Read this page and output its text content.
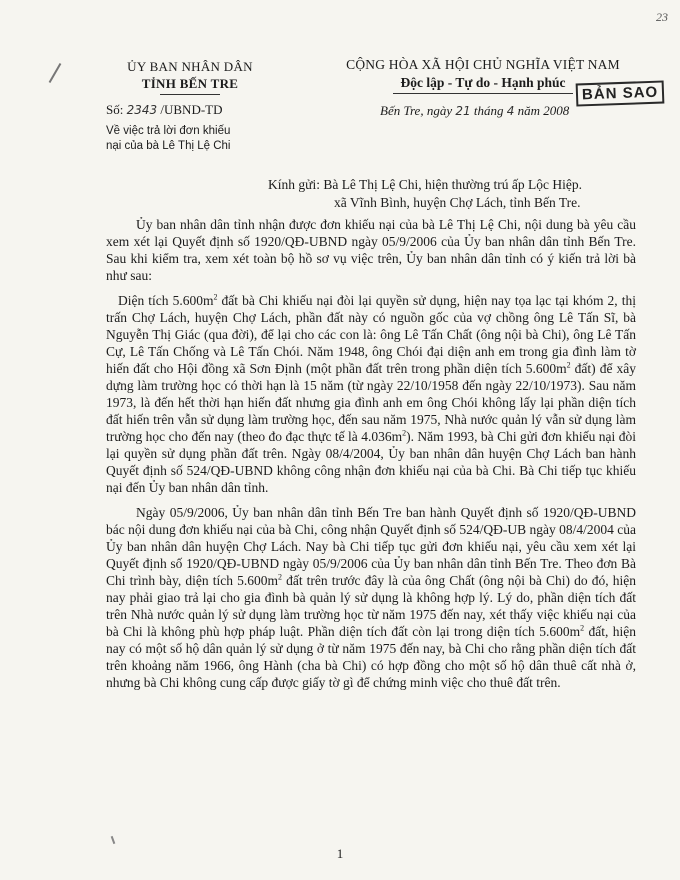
23
ỦY BAN NHÂN DÂN
TỈNH BẾN TRE
Số: 2343 /UBND-TD
Về việc trả lời đơn khiếu
nại của bà Lê Thị Lệ Chi
CỘNG HÒA XÃ HỘI CHỦ NGHĨA VIỆT NAM
Độc lập - Tự do - Hạnh phúc
BẢN SAO
Bến Tre, ngày 21 tháng 4 năm 2008
Kính gửi: Bà Lê Thị Lệ Chi, hiện thường trú ấp Lộc Hiệp.
xã Vĩnh Bình, huyện Chợ Lách, tỉnh Bến Tre.

Ủy ban nhân dân tỉnh nhận được đơn khiếu nại của bà Lê Thị Lệ Chi, nội dung bà yêu cầu xem xét lại Quyết định số 1920/QĐ-UBND ngày 05/9/2006 của Ủy ban nhân dân tỉnh Bến Tre. Sau khi kiểm tra, xem xét toàn bộ hồ sơ vụ việc trên, Ủy ban nhân dân tỉnh có ý kiến trả lời bà như sau:

Diện tích $5.600m^2$ đất bà Chi khiếu nại đòi lại quyền sử dụng, hiện nay tọa lạc tại khóm 2, thị trấn Chợ Lách, huyện Chợ Lách, phần đất này có nguồn gốc của vợ chồng ông Lê Tấn Sĩ, bà Nguyễn Thị Giác (qua đời), để lại cho các con là: ông Lê Tấn Chất (ông nội bà Chi), ông Lê Tấn Cự, Lê Tấn Chống và Lê Tấn Chói. Năm 1948, ông Chói đại diện anh em trong gia đình làm tờ hiến đất cho Hội đồng xã Sơn Định (một phần đất trên trong phần diện tích $5.600m^2$ đất) để xây dựng làm trường học có thời hạn là 15 năm (từ ngày 22/10/1958 đến ngày 22/10/1973). Sau năm 1973, là đến hết thời hạn hiến đất nhưng gia đình anh em ông Chói không lấy lại phần diện tích đất hiến trên vẫn sử dụng làm trường học, đến sau năm 1975, Nhà nước quản lý vẫn sử dụng làm trường học cho đến nay (theo đo đạc thực tế là $4.036m^2$). Năm 1993, bà Chi gửi đơn khiếu nại đòi lại quyền sử dụng phần đất trên. Ngày 08/4/2004, Ủy ban nhân dân huyện Chợ Lách ban hành Quyết định số 524/QĐ-UBND không công nhận đơn khiếu nại của bà Chi. Bà Chi tiếp tục khiếu nại đến Ủy ban nhân dân tỉnh.

Ngày 05/9/2006, Ủy ban nhân dân tỉnh Bến Tre ban hành Quyết định số 1920/QĐ-UBND bác nội dung đơn khiếu nại của bà Chi, công nhận Quyết định số 524/QĐ-UB ngày 08/4/2004 của Ủy ban nhân dân huyện Chợ Lách. Nay bà Chi tiếp tục gửi đơn khiếu nại, yêu cầu xem xét lại Quyết định số 1920/QĐ-UBND ngày 05/9/2006 của Ủy ban nhân dân tỉnh Bến Tre. Theo đơn Bà Chi trình bày, diện tích $5.600m^2$ đất trên trước đây là của ông Chất (ông nội bà Chi) do đó, hiện nay phải giao trả lại cho gia đình bà quản lý sử dụng là không hợp lý. Lý do, phần diện tích đất trên Nhà nước quản lý sử dụng làm trường học từ năm 1975 đến nay, xét thấy việc khiếu nại của bà Chi là không phù hợp pháp luật. Phần diện tích đất còn lại trong diện tích $5.600m^2$ đất, hiện nay có một số hộ dân quản lý sử dụng ở từ năm 1975 đến nay, bà Chi cho rằng phần diện tích đất trên khoảng năm 1966, ông Hành (cha bà Chi) có hợp đồng cho một số hộ dân thuê cất nhà ở, nhưng bà Chi không cung cấp được giấy tờ gì để chứng minh việc cho thuê đất trên.

1
